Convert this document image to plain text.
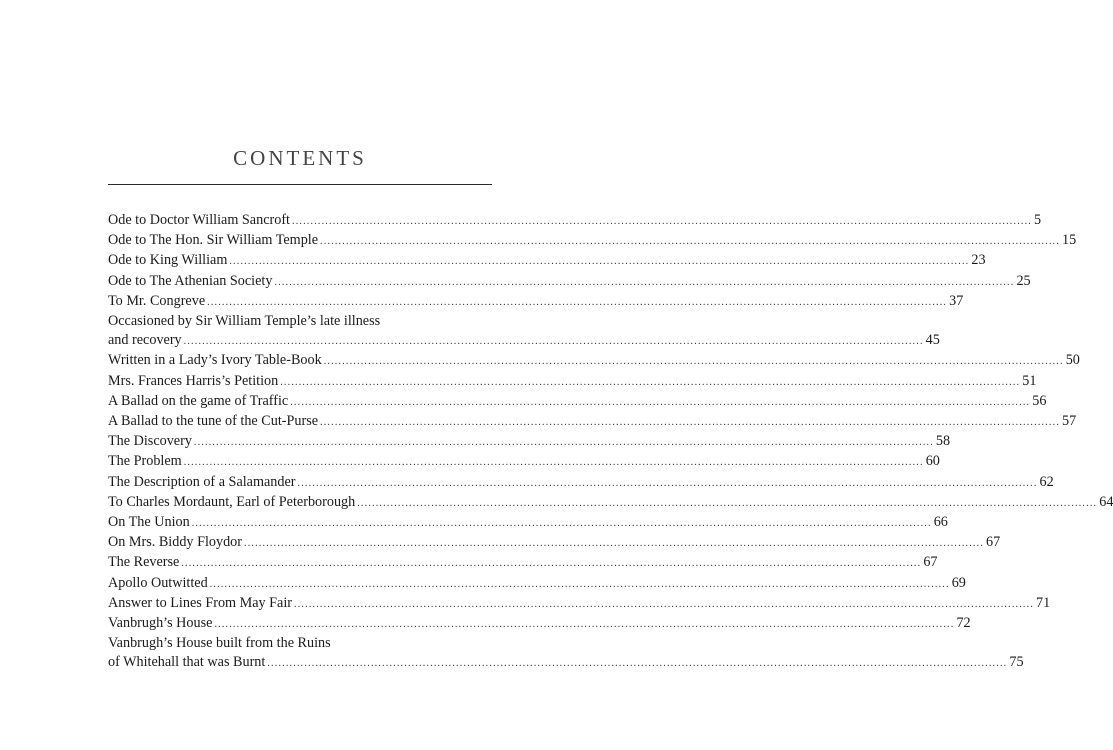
CONTENTS
Ode to Doctor William Sancroft ........................................................................................................................................................................................................ 5
Ode to The Hon. Sir William Temple ........................................................................................................................................................................................................ 15
Ode to King William ........................................................................................................................................................................................................ 23
Ode to The Athenian Society ........................................................................................................................................................................................................ 25
To Mr. Congreve ........................................................................................................................................................................................................ 37
Occasioned by Sir William Temple’s late illness
and recovery ........................................................................................................................................................................................................ 45
Written in a Lady’s Ivory Table-Book ........................................................................................................................................................................................................ 50
Mrs. Frances Harris’s Petition ........................................................................................................................................................................................................ 51
A Ballad on the game of Traffic ........................................................................................................................................................................................................ 56
A Ballad to the tune of the Cut-Purse ........................................................................................................................................................................................................ 57
The Discovery ........................................................................................................................................................................................................ 58
The Problem ........................................................................................................................................................................................................ 60
The Description of a Salamander ........................................................................................................................................................................................................ 62
To Charles Mordaunt, Earl of Peterborough ........................................................................................................................................................................................................ 64
On The Union ........................................................................................................................................................................................................ 66
On Mrs. Biddy Floydor ........................................................................................................................................................................................................ 67
The Reverse ........................................................................................................................................................................................................ 67
Apollo Outwitted ........................................................................................................................................................................................................ 69
Answer to Lines From May Fair ........................................................................................................................................................................................................ 71
Vanbrugh’s House ........................................................................................................................................................................................................ 72
Vanbrugh’s House built from the Ruins
of Whitehall that was Burnt ........................................................................................................................................................................................................ 75
